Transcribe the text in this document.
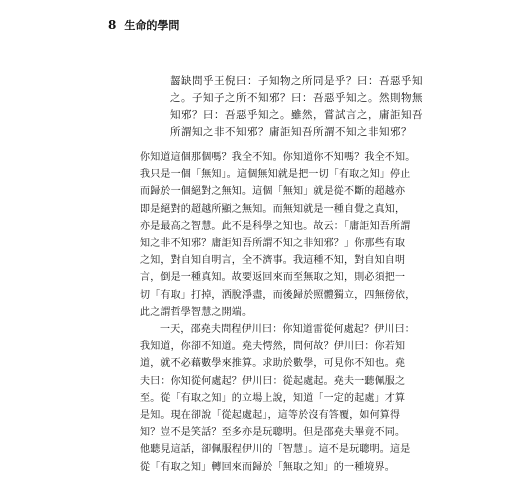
8 生命的學問
齧缺問乎王倪曰：子知物之所同是乎？曰：吾惡乎知
之。子知子之所不知邪？曰：吾惡乎知之。然則物無
知邪？曰：吾惡乎知之。雖然，嘗試言之，庸詎知吾
所謂知之非不知邪？庸詎知吾所謂不知之非知邪？

你知道這個那個嗎？我全不知。你知道你不知嗎？我全不知。
我只是一個「無知」。這個無知就是把一切「有取之知」停止
而歸於一個絕對之無知。這個「無知」就是從不斷的超越亦
即是絕對的超越所顯之無知。而無知就是一種自覺之真知，
亦是最高之智慧。此不是科學之知也。故云：「庸詎知吾所謂
知之非不知邪？庸詎知吾所謂不知之非知邪？」你那些有取
之知，對自知自明言，全不濟事。我這種不知，對自知自明
言，倒是一種真知。故要返回來而至無取之知，則必須把一
切「有取」打掉，洒脫淨盡，而後歸於照體獨立，四無傍依，
此之謂哲學智慧之開端。

一天，邵堯夫問程伊川曰：你知道雷從何處起？伊川曰：
我知道，你卻不知道。堯夫愕然，問何故？伊川曰：你若知
道，就不必藉數學來推算。求助於數學，可見你不知也。堯
夫曰：你知從何處起？伊川曰：從起處起。堯夫一聽佩服之
至。從「有取之知」的立場上說，知道「一定的起處」才算
是知。現在卻說「從起處起」，這等於沒有答覆，如何算得
知？豈不是笑話？至多亦是玩聰明。但是邵堯夫畢竟不同。
他聽見這話，卻佩服程伊川的「智慧」。這不是玩聰明。這是
從「有取之知」轉回來而歸於「無取之知」的一種境界。
